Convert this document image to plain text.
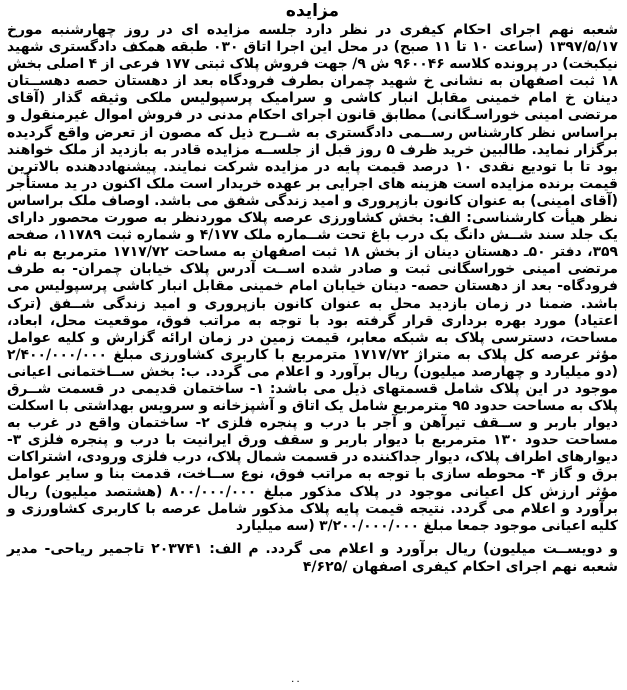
مزایده

شعبه نهم اجرای احکام کیفری در نظر دارد جلسه مزایده ای در روز چهارشنبه مورخ ۱۳۹۷/۵/۱۷ (ساعت ۱۰ تا ۱۱ صبح) در محل این اجرا اتاق ۰۳۰ طبقه همکف دادگستری شهید نیکبخت) در پرونده کلاسه ۹۶۰۰۴۶ ش ۹/ جهت فروش پلاک ثبتی ۱۷۷ فرعی از ۴ اصلی بخش ۱۸ ثبت اصفهان به نشانی خ شهید چمران بطرف فرودگاه بعد از دهستان حصه دهســتان دینان خ امام خمینی مقابل انبار کاشی و سرامیک پرسپولیس ملکی وثیقه گذار (آقای مرتضی امینی خوراسـگانی) مطابق قانون اجرای احکام مدنی در فروش اموال غیرمنقول و براساس نظر کارشناس رســمی دادگستری به شــرح ذیل که مصون از تعرض واقع گردیده برگزار نماید. طالبین خرید ظرف ۵ روز قبل از جلســه مزایده قادر به بازدید از ملک خواهند بود تا با تودیع نقدی ۱۰ درصد قیمت پایه در مزایده شرکت نمایند. پیشنهاددهنده بالاترین قیمت برنده مزایده است هزینه های اجرایی بر عهده خریدار است ملک اکنون در ید مستأجر (آقای امینی) به عنوان کانون بازپروری و امید زندگی شفق می باشد. اوصاف ملک براساس نظر هیأت کارشناسی: الف: بخش کشاورزی عرصه پلاک موردنظر به صورت محصور دارای یک جلد سند شــش دانگ یک درب باغ تحت شــماره ملک ۴/۱۷۷ و شماره ثبت ۱۱۷۸۹، صفحه ۳۵۹، دفتر ۵۰ـ دهستان دینان از بخش ۱۸ ثبت اصفهان به مساحت ۱۷۱۷/۷۲ مترمربع به نام مرتضی امینی خوراسگانی ثبت و صادر شده اســت آدرس پلاک خیابان چمران- به طرف فرودگاه- بعد از دهستان حصه- دینان خیابان امام خمینی مقابل انبار کاشی پرسپولیس می باشد. ضمنا در زمان بازدید محل به عنوان کانون بازپروری و امید زندگی شــفق (ترک اعتیاد) مورد بهره برداری قرار گرفته بود با توجه به مراتب فوق، موقعیت محل، ابعاد، مساحت، دسترسی پلاک به شبکه معابر، قیمت زمین در زمان ارائه گزارش و کلیه عوامل مؤثر عرصه کل پلاک به متراژ ۱۷۱۷/۷۲ مترمربع با کاربری کشاورزی مبلغ ۲/۴۰۰/۰۰۰/۰۰۰ (دو میلیارد و چهارصد میلیون) ریال برآورد و اعلام می گردد. ب: بخش ســاختمانی اعیانی موجود در این پلاک شامل قسمتهای ذیل می باشد: ۱- ساختمان قدیمی در قسمت شــرق پلاک به مساحت حدود ۹۵ مترمربع شامل یک اتاق و آشپزخانه و سرویس بهداشتی با اسکلت دیوار باربر و ســقف تیرآهن و آجر با درب و پنجره فلزی ۲- ساختمان واقع در غرب به مساحت حدود ۱۳۰ مترمربع با دیوار باربر و سقف ورق ایرانیت با درب و پنجره فلزی ۳- دیوارهای اطراف پلاک، دیوار جداکننده در قسمت شمال پلاک، درب فلزی ورودی، اشتراکات برق و گاز ۴- محوطه سازی با توجه به مراتب فوق، نوع ســاخت، قدمت بنا و سایر عوامل مؤثر ارزش کل اعیانی موجود در پلاک مذکور مبلغ ۸۰۰/۰۰۰/۰۰۰ (هشتصد میلیون) ریال برآورد و اعلام می گردد. نتیجه قیمت پایه پلاک مذکور شامل عرصه با کاربری کشاورزی و کلیه اعیانی موجود جمعا مبلغ ۳/۲۰۰/۰۰۰/۰۰۰ (سه میلیارد

و دویســت میلیون) ریال برآورد و اعلام می گردد. م الف: ۲۰۳۷۴۱ تاجمیر ریاحی- مدیر شعبه نهم اجرای احکام کیفری اصفهان /۴/۶۲۵

٠٠
